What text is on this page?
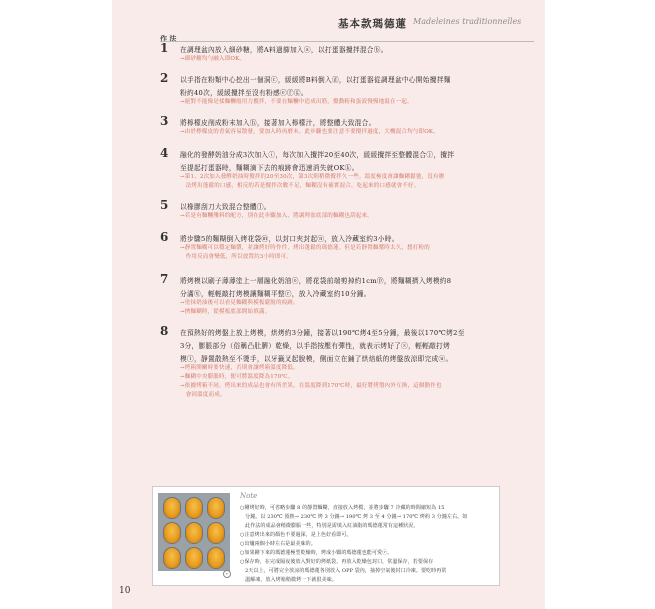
基本款瑪德蓮 Madeleines traditionnelles
作 法
1 在調理盆內放入細砂糖，將A料過篩加入ⓐ，以打蛋器攪拌混合ⓑ。
→細砂糖均勻融入即OK。
2 以手指在粉類中心挖出一個洞ⓒ，緩緩將B料倒入ⓓ，以打蛋器從調理盆中心開始攪拌麵
粉約40次，緩緩攪拌至沒有粉感ⓔⓕⓖ。
→絕對不能像是揉麵糰般用力攪拌，不要在麵糰中造成出筋，攪動粉和蛋液慢慢地混在一起。
3 將檸檬皮削成粉末加入ⓗ，接著加入檸檬汁，將整體大致混合。
→由於檸檬皮的香氣容易散發，要加入時再磨末。此步驟也要注意不要攪拌過度，大概混合均勻即OK。
4 融化的發酵奶油分成3次加入ⓘ，每次加入攪拌20至40次，緩緩攪拌至整體混合ⓙ，攪拌
至提起打蛋器時，麵糊滴下去的痕跡會迅速消失就OKⓚ。
→第1、2次加入發酵奶油時攪拌約20至30次，第3次則稍微攪拌久一些。溫度極度會讓麵糊鬆弛，沒有辦
　法烤出蓬鬆的口感，相反的若是攪拌次數不足，麵糊沒有確實混合，吃起來的口感就會不好。
5 以橡膠刮刀大致混合整體ⓛ。
→若是有麵糰殘料的配方，別在此步驟加入，將調理盆底部的麵糊也刮起來。
6 將步驟5的麵糊倒入烤花袋ⓜ，以封口夾封起ⓝ，放入冷藏室約3小時。
→靜置麵糊可以穩定麵漿，並讓烤好時作件，烤出蓬鬆的瑪德蓮。但是若靜置麵漿時太久，想打粉的
　作用反而會變低，所以放置約3小時即可。
7 將烤模以刷子薄薄塗上一層融化奶油ⓞ，將花袋前端剪掉約1cmⓟ，將麵糊擠入烤模約8
分滿ⓠ，輕輕敲打烤模讓麵糊平整ⓡ，放入冷藏室約10分鐘。
→塗抹奶油後可以看見麵糊與模板鬆脫的痕跡。
→擠麵糊時，從模板底部開始填滿。
8 在預熱好的烤盤上放上烤模，烘烤約3分鐘，接著以190℃烤4至5分鐘，最後以170℃烤2至
3分，膨脹部分（俗稱凸肚臍）乾燥，以手指按壓有彈性，就表示烤好了ⓢ，輕輕敲打烤
模ⓣ，靜置散熱至不燙手，以牙籤叉起脫模，側面立在鋪了烘焙紙的烤盤放涼即完成ⓤ。
→烤箱開關時要快速，否則會讓烤箱溫度降低。
→麵糊中央膨脹時，便可將溫度降為170℃。
→依據烤箱不同，烤出來的成品也會有所差異，在溫度降到170℃時，最好將烤盤內外互換，這個動作也
　會因溫度而成。
v
Note
○剛烤好時，可省略步驟 8 的靜置麵糊，直接放入烤模，並將步驟 7 冷藏的時間縮短為 15
　分鐘。以 230℃ 預熱→ 230℃ 烤 3 分鐘→ 190℃ 烤 3 至 4 分鐘→ 170℃ 烤約 3 分鐘左右。如
　此作法的成品會稍微膨脹一些，特別是需填入紅油脂的瑪德蓮常有這種狀況。
○注意烤出來的顏色不要過深，是上色好看即可。
○出爐兩個小時左右是最美味的。
○如果剛下來的瑪德蓮極型乾燥時，烤成小顆的瑪德蓮也能可愛ⓥ。
○保存時，在完成隔夜後放入對好的烤紙袋，再放入乾燥包封口，常溫保存，若要保存
　2天以上，可將完全放涼的瑪德蓮各別放入 OPP 袋內，抽掉空氣後封口冷凍。要吃時再常
　溫解凍，放入烤箱稍微烤一下就很美味。
10
